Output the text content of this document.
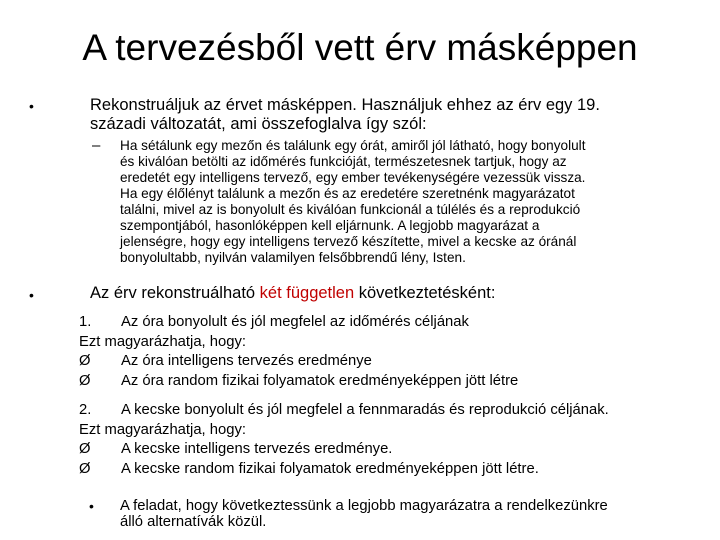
A tervezésből vett érv másképpen
•	Rekonstruáljuk az érvet másképpen. Használjuk ehhez az érv egy 19.
századi változatát, ami összefoglalva így szól:
– Ha sétálunk egy mezőn és találunk egy órát, amiről jól látható, hogy bonyolult
és kiválóan betölti az időmérés funkcióját, természetesnek tartjuk, hogy az
eredetét egy intelligens tervező, egy ember tevékenységére vezessük vissza.
Ha egy élőlényt találunk a mezőn és az eredetére szeretnénk magyarázatot
találni, mivel az is bonyolult és kiválóan funkcionál a túlélés és a reprodukció
szempontjából, hasonlóképpen kell eljárnunk. A legjobb magyarázat a
jelenségre, hogy egy intelligens tervező készítette, mivel a kecske az óránál
bonyolultabb, nyilván valamilyen felsőbbrendű lény, Isten.
•	Az érv rekonstruálható két független következtetésként:
1. Az óra bonyolult és jól megfelel az időmérés céljának
Ezt magyarázhatja, hogy:
Ø Az óra intelligens tervezés eredménye
Ø Az óra random fizikai folyamatok eredményeképpen jött létre
2. A kecske bonyolult és jól megfelel a fennmaradás és reprodukció céljának.
Ezt magyarázhatja, hogy:
Ø A kecske intelligens tervezés eredménye.
Ø A kecske random fizikai folyamatok eredményeképpen jött létre.
• A feladat, hogy következtessünk a legjobb magyarázatra a rendelkezünkre
álló alternatívák közül.
